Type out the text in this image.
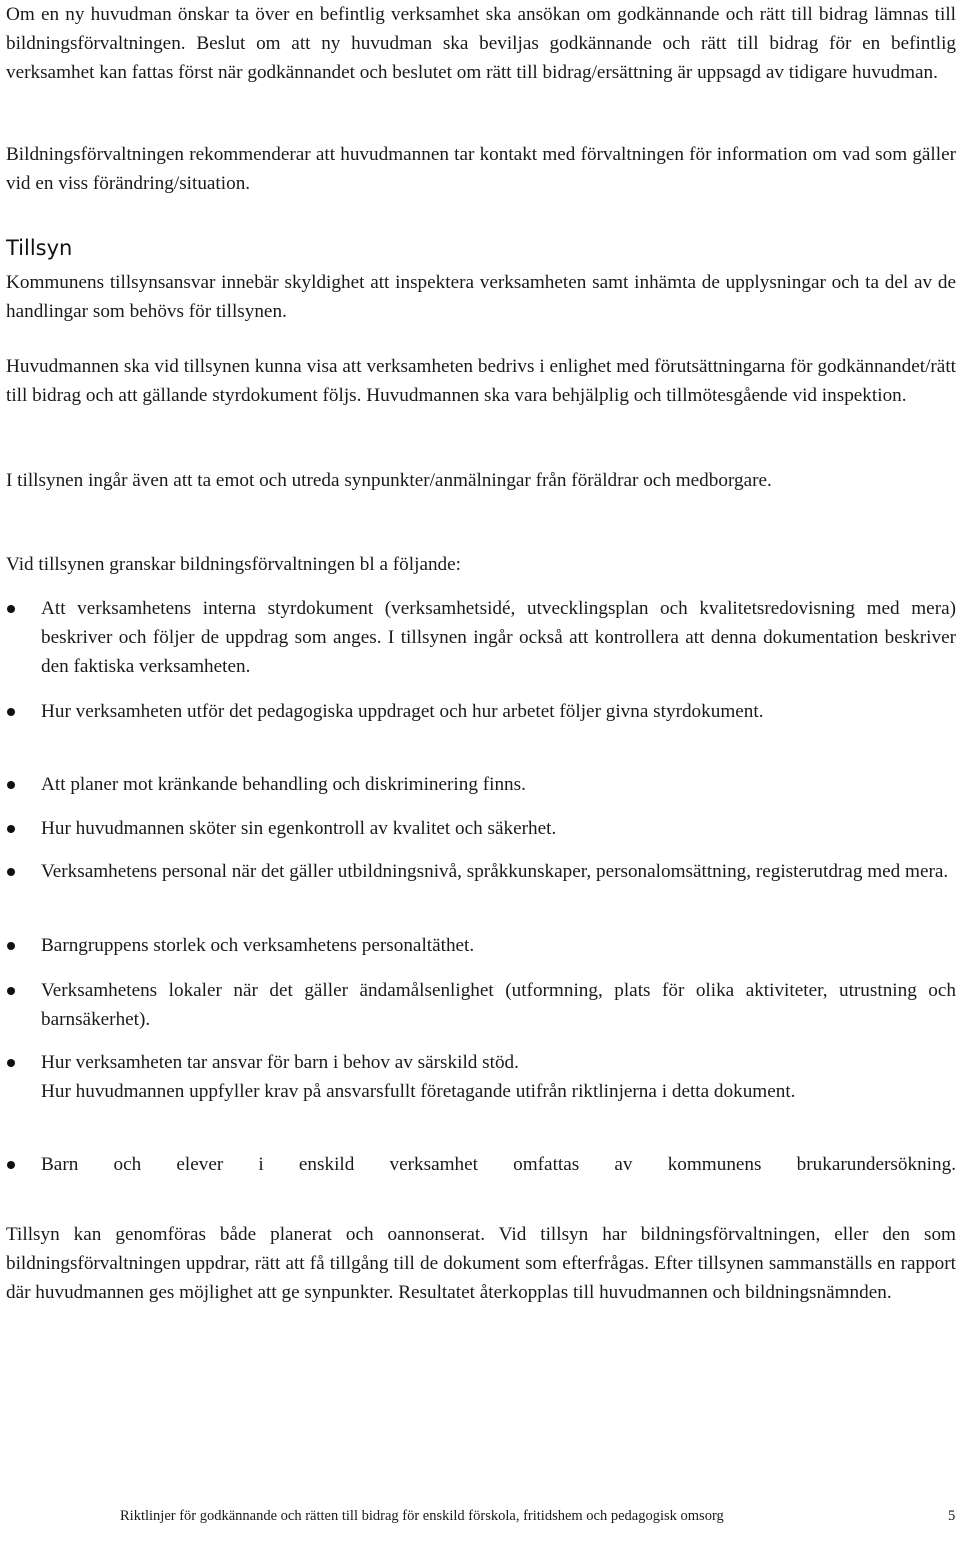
Om en ny huvudman önskar ta över en befintlig verksamhet ska ansökan om godkännande och rätt till bidrag lämnas till bildningsförvaltningen. Beslut om att ny huvudman ska beviljas godkännande och rätt till bidrag för en befintlig verksamhet kan fattas först när godkännandet och beslutet om rätt till bidrag/ersättning är uppsagd av tidigare huvudman.

Bildningsförvaltningen rekommenderar att huvudmannen tar kontakt med förvaltningen för information om vad som gäller vid en viss förändring/situation.

Tillsyn

Kommunens tillsynsansvar innebär skyldighet att inspektera verksamheten samt inhämta de upplysningar och ta del av de handlingar som behövs för tillsynen.

Huvudmannen ska vid tillsynen kunna visa att verksamheten bedrivs i enlighet med förutsättningarna för godkännandet/rätt till bidrag och att gällande styrdokument följs. Huvudmannen ska vara behjälplig och tillmötesgående vid inspektion.

I tillsynen ingår även att ta emot och utreda synpunkter/anmälningar från föräldrar och medborgare.

Vid tillsynen granskar bildningsförvaltningen bl a följande:

Att verksamhetens interna styrdokument (verksamhetsidé, utvecklingsplan och kvalitetsredovisning med mera) beskriver och följer de uppdrag som anges. I tillsynen ingår också att kontrollera att denna dokumentation beskriver den faktiska verksamheten.
Hur verksamheten utför det pedagogiska uppdraget och hur arbetet följer givna styrdokument.
Att planer mot kränkande behandling och diskriminering finns.
Hur huvudmannen sköter sin egenkontroll av kvalitet och säkerhet.
Verksamhetens personal när det gäller utbildningsnivå, språkkunskaper, personalomsättning, registerutdrag med mera.
Barngruppens storlek och verksamhetens personaltäthet.
Verksamhetens lokaler när det gäller ändamålsenlighet (utformning, plats för olika aktiviteter, utrustning och barnsäkerhet).
Hur verksamheten tar ansvar för barn i behov av särskild stöd.
Hur huvudmannen uppfyller krav på ansvarsfullt företagande utifrån riktlinjerna i detta dokument.
Barn och elever i enskild verksamhet omfattas av kommunens brukarundersökning.

Tillsyn kan genomföras både planerat och oannonserat. Vid tillsyn har bildningsförvaltningen, eller den som bildningsförvaltningen uppdrar, rätt att få tillgång till de dokument som efterfrågas. Efter tillsynen sammanställs en rapport där huvudmannen ges möjlighet att ge synpunkter. Resultatet återkopplas till huvudmannen och bildningsnämnden.

Riktlinjer för godkännande och rätten till bidrag för enskild förskola, fritidshem och pedagogisk omsorg	5
